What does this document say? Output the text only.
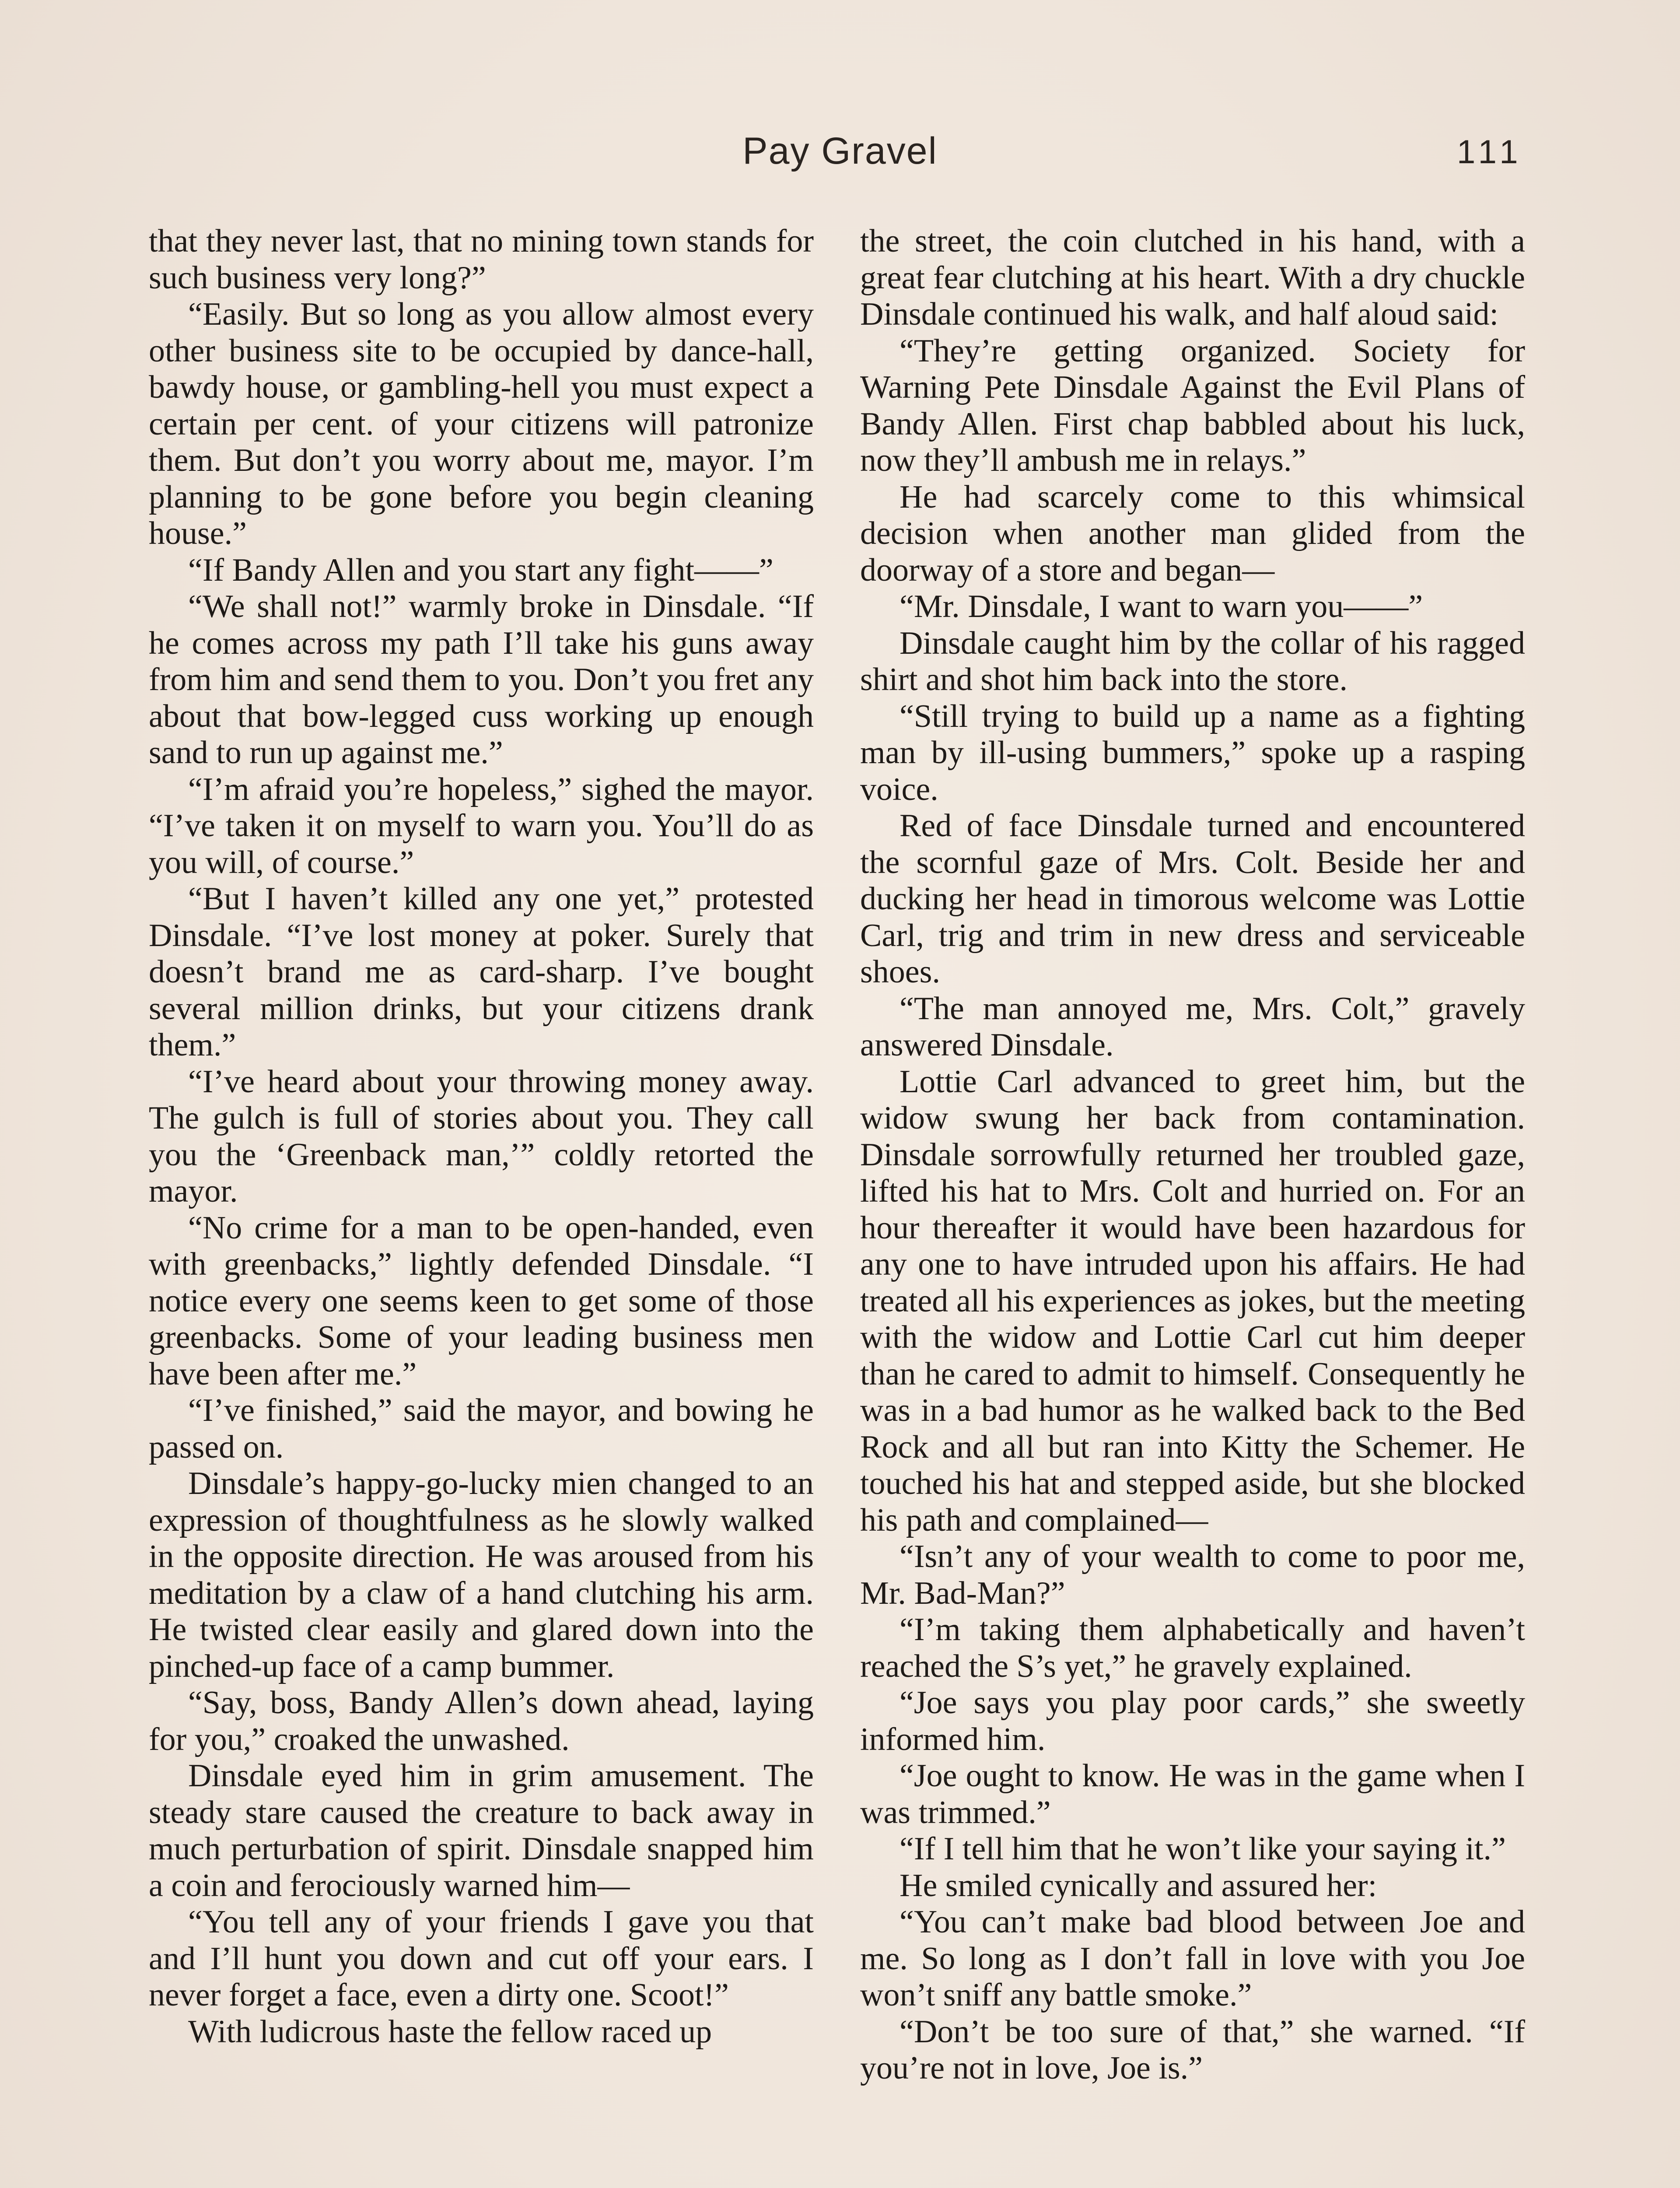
Pay Gravel	111

that they never last, that no mining town stands for such business very long?”

“Easily. But so long as you allow almost every other business site to be occupied by dance-hall, bawdy house, or gambling-hell you must expect a certain per cent. of your citizens will patronize them. But don’t you worry about me, mayor. I’m planning to be gone before you begin cleaning house.”

“If Bandy Allen and you start any fight——”

“We shall not!” warmly broke in Dinsdale. “If he comes across my path I’ll take his guns away from him and send them to you. Don’t you fret any about that bow-legged cuss working up enough sand to run up against me.”

“I’m afraid you’re hopeless,” sighed the mayor. “I’ve taken it on myself to warn you. You’ll do as you will, of course.”

“But I haven’t killed any one yet,” protested Dinsdale. “I’ve lost money at poker. Surely that doesn’t brand me as card-sharp. I’ve bought several million drinks, but your citizens drank them.”

“I’ve heard about your throwing money away. The gulch is full of stories about you. They call you the ‘Greenback man,’” coldly retorted the mayor.

“No crime for a man to be open-handed, even with greenbacks,” lightly defended Dinsdale. “I notice every one seems keen to get some of those greenbacks. Some of your leading business men have been after me.”

“I’ve finished,” said the mayor, and bowing he passed on.

Dinsdale’s happy-go-lucky mien changed to an expression of thoughtfulness as he slowly walked in the opposite direction. He was aroused from his meditation by a claw of a hand clutching his arm. He twisted clear easily and glared down into the pinched-up face of a camp bummer.

“Say, boss, Bandy Allen’s down ahead, laying for you,” croaked the unwashed.

Dinsdale eyed him in grim amusement. The steady stare caused the creature to back away in much perturbation of spirit. Dinsdale snapped him a coin and ferociously warned him—

“You tell any of your friends I gave you that and I’ll hunt you down and cut off your ears. I never forget a face, even a dirty one. Scoot!”

With ludicrous haste the fellow raced up

the street, the coin clutched in his hand, with a great fear clutching at his heart. With a dry chuckle Dinsdale continued his walk, and half aloud said:

“They’re getting organized. Society for Warning Pete Dinsdale Against the Evil Plans of Bandy Allen. First chap babbled about his luck, now they’ll ambush me in relays.”

He had scarcely come to this whimsical decision when another man glided from the doorway of a store and began—

“Mr. Dinsdale, I want to warn you——”

Dinsdale caught him by the collar of his ragged shirt and shot him back into the store.

“Still trying to build up a name as a fighting man by ill-using bummers,” spoke up a rasping voice.

Red of face Dinsdale turned and encountered the scornful gaze of Mrs. Colt. Beside her and ducking her head in timorous welcome was Lottie Carl, trig and trim in new dress and serviceable shoes.

“The man annoyed me, Mrs. Colt,” gravely answered Dinsdale.

Lottie Carl advanced to greet him, but the widow swung her back from contamination. Dinsdale sorrowfully returned her troubled gaze, lifted his hat to Mrs. Colt and hurried on. For an hour thereafter it would have been hazardous for any one to have intruded upon his affairs. He had treated all his experiences as jokes, but the meeting with the widow and Lottie Carl cut him deeper than he cared to admit to himself. Consequently he was in a bad humor as he walked back to the Bed Rock and all but ran into Kitty the Schemer. He touched his hat and stepped aside, but she blocked his path and complained—

“Isn’t any of your wealth to come to poor me, Mr. Bad-Man?”

“I’m taking them alphabetically and haven’t reached the S’s yet,” he gravely explained.

“Joe says you play poor cards,” she sweetly informed him.

“Joe ought to know. He was in the game when I was trimmed.”

“If I tell him that he won’t like your saying it.”

He smiled cynically and assured her:

“You can’t make bad blood between Joe and me. So long as I don’t fall in love with you Joe won’t sniff any battle smoke.”

“Don’t be too sure of that,” she warned. “If you’re not in love, Joe is.”
